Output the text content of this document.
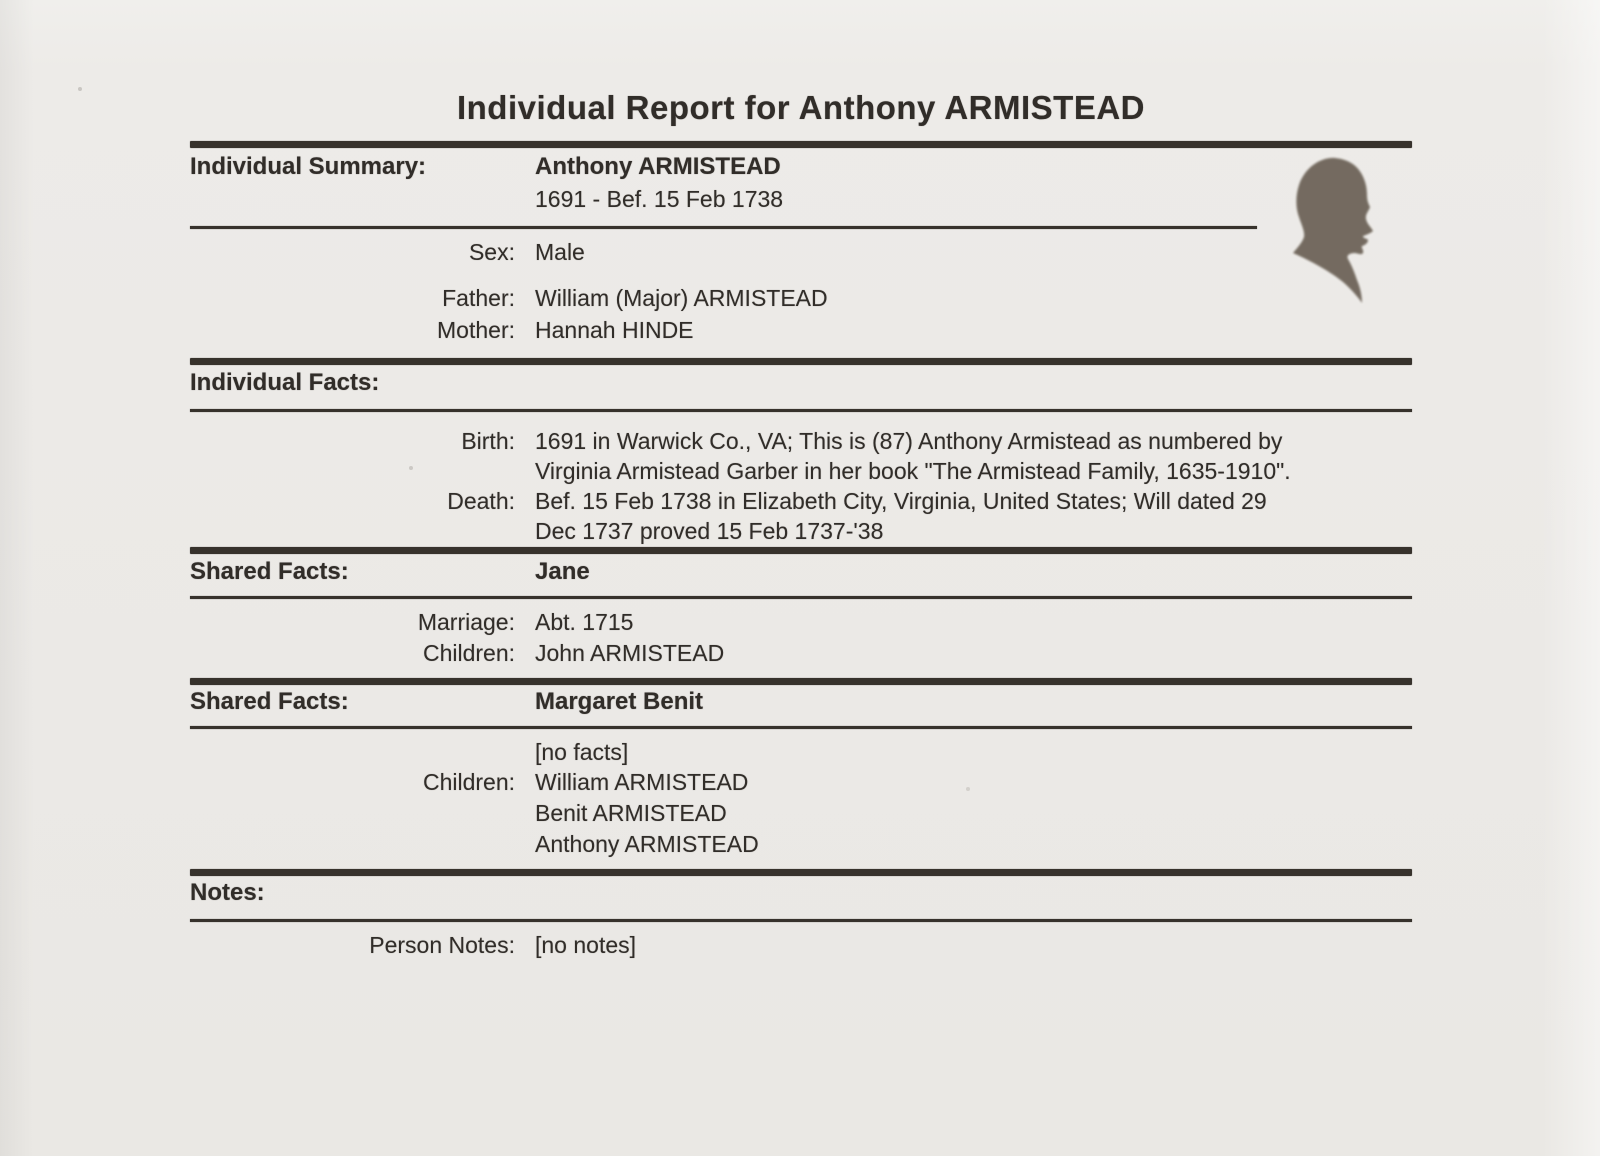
Individual Report for Anthony ARMISTEAD
Individual Summary:	Anthony ARMISTEAD
1691 - Bef. 15 Feb 1738
Sex: Male
Father: William (Major) ARMISTEAD
Mother: Hannah HINDE
Individual Facts:
Birth: 1691 in Warwick Co., VA; This is (87) Anthony Armistead as numbered by
Virginia Armistead Garber in her book "The Armistead Family, 1635-1910".
Death: Bef. 15 Feb 1738 in Elizabeth City, Virginia, United States; Will dated 29
Dec 1737 proved 15 Feb 1737-'38
Shared Facts:	Jane
Marriage: Abt. 1715
Children: John ARMISTEAD
Shared Facts:	Margaret Benit
[no facts]
Children: William ARMISTEAD
Benit ARMISTEAD
Anthony ARMISTEAD
Notes:
Person Notes: [no notes]
